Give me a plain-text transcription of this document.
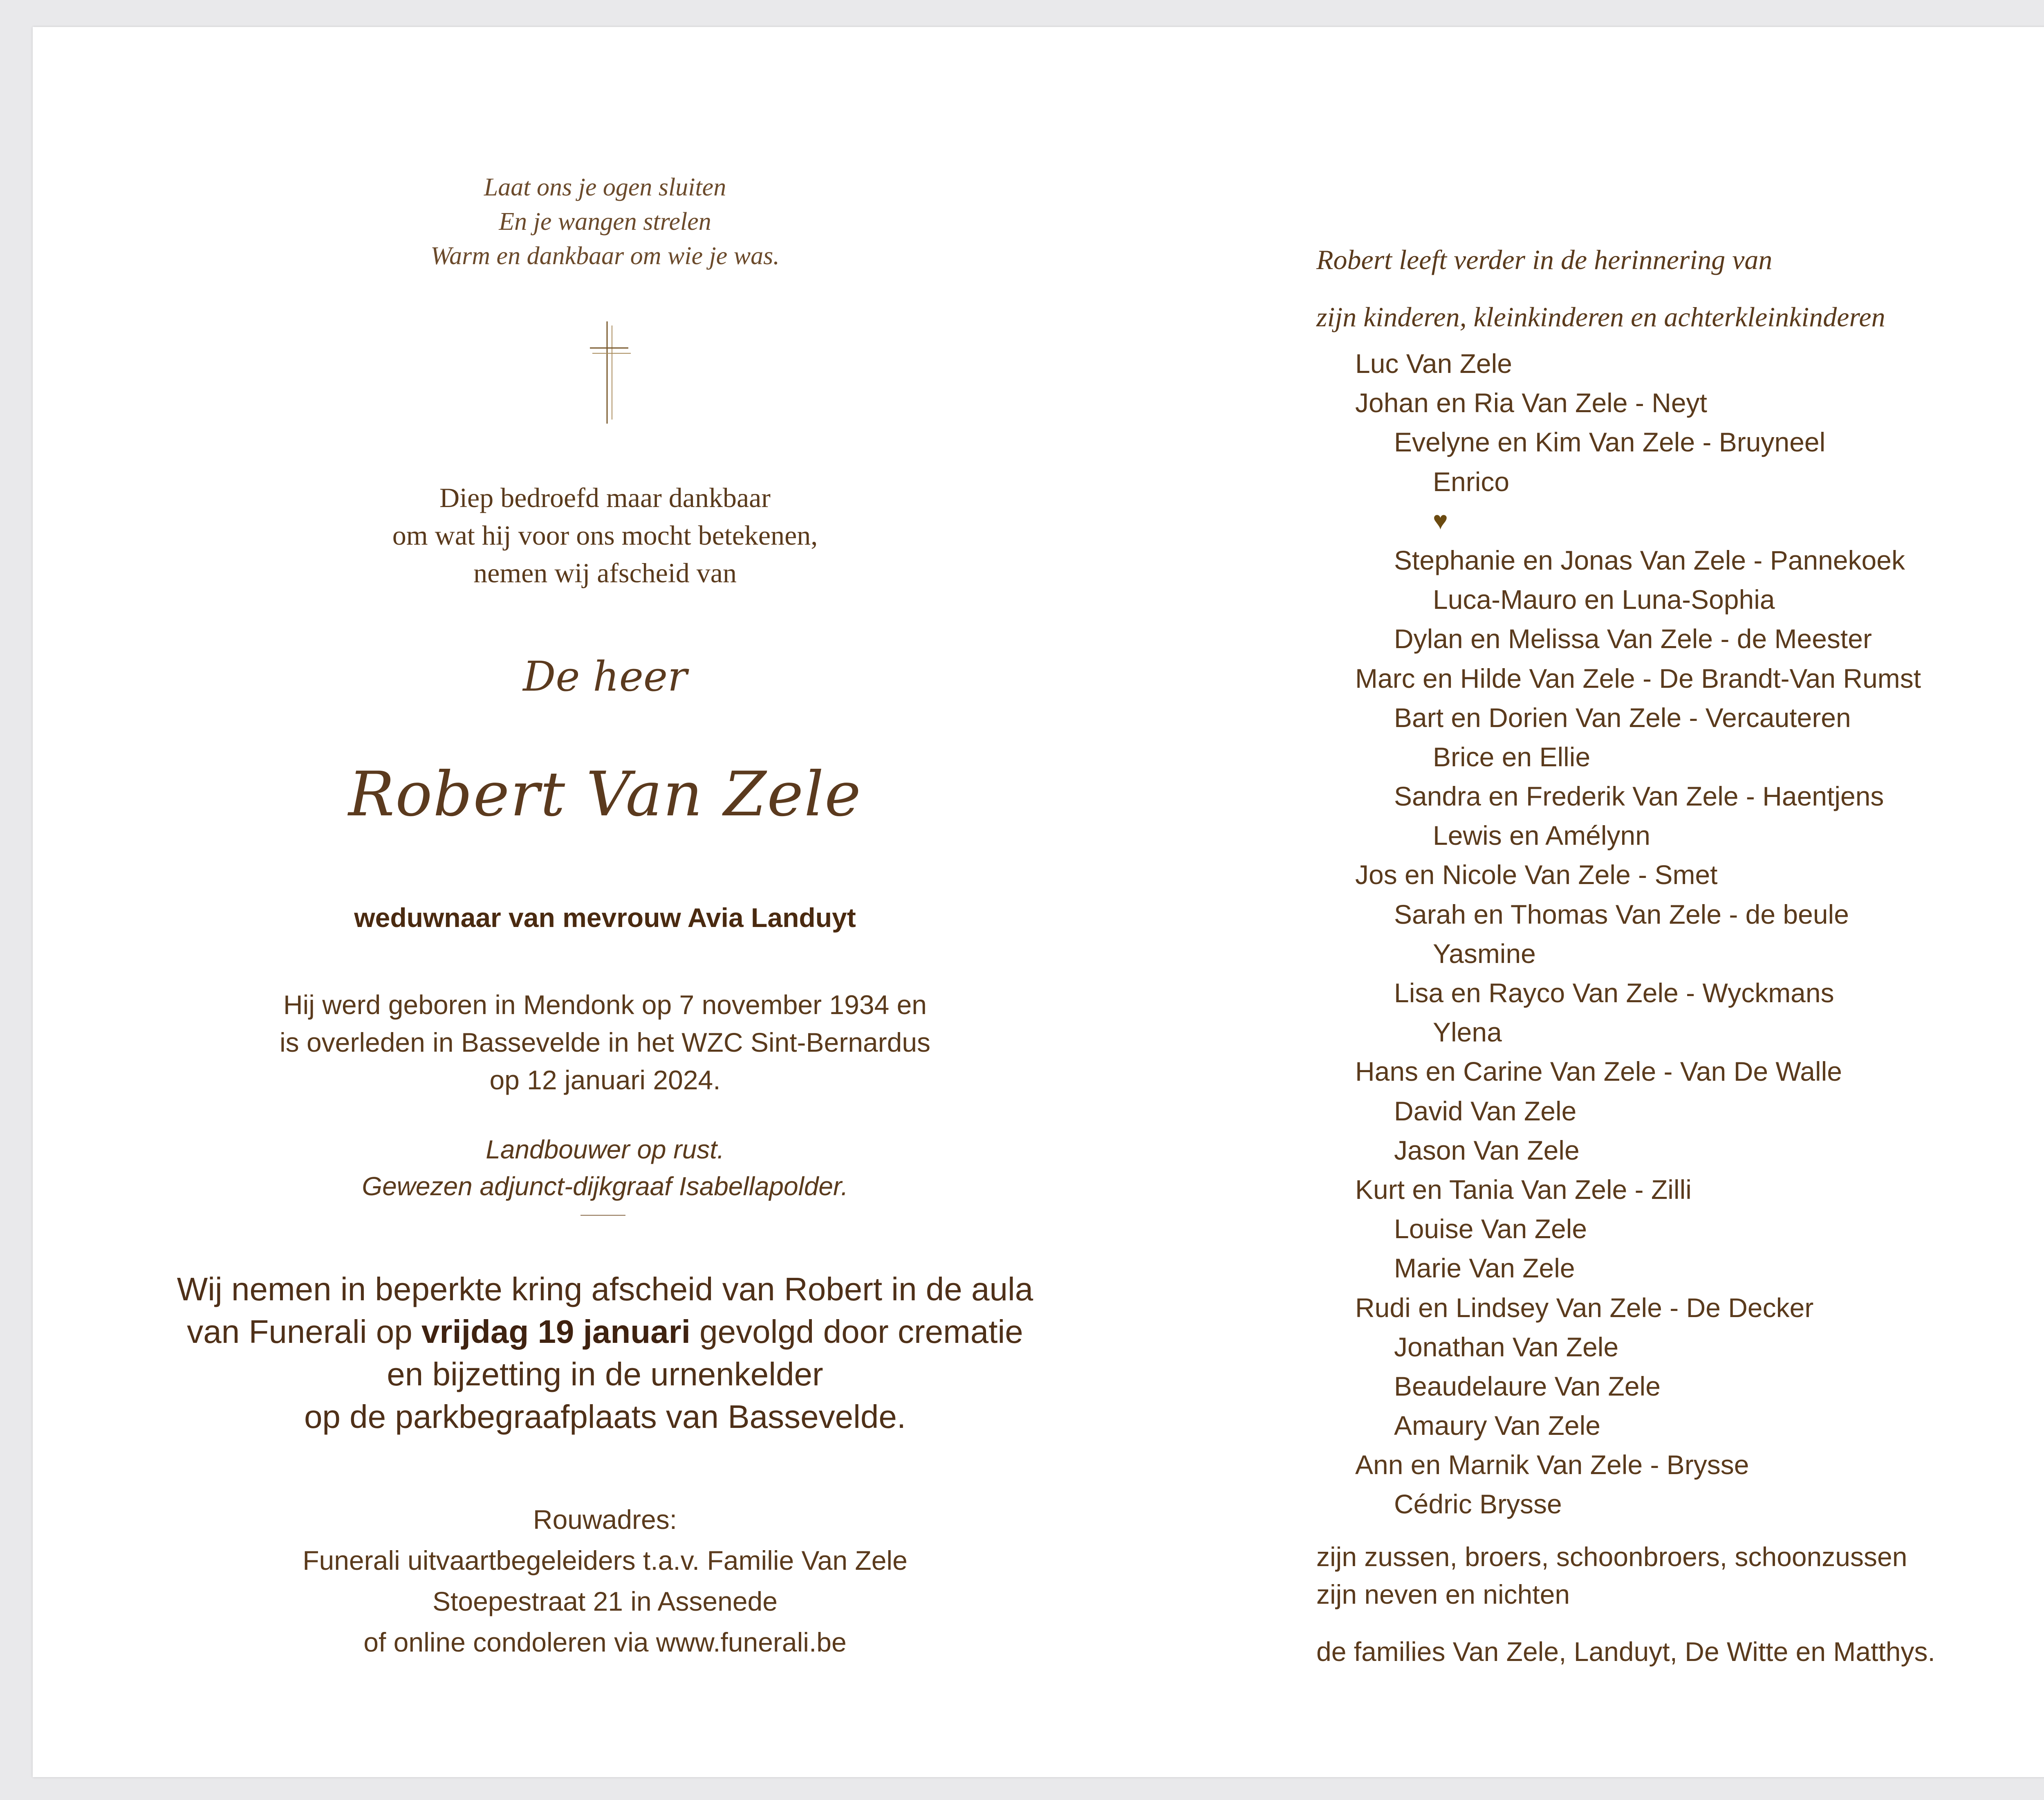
Laat ons je ogen sluiten
En je wangen strelen
Warm en dankbaar om wie je was.
Diep bedroefd maar dankbaar
om wat hij voor ons mocht betekenen,
nemen wij afscheid van
De heer
Robert Van Zele
weduwnaar van mevrouw Avia Landuyt
Hij werd geboren in Mendonk op 7 november 1934 en
is overleden in Bassevelde in het WZC Sint-Bernardus
op 12 januari 2024.
Landbouwer op rust.
Gewezen adjunct-dijkgraaf Isabellapolder.
Wij nemen in beperkte kring afscheid van Robert in de aula
van Funerali op vrijdag 19 januari gevolgd door crematie
en bijzetting in de urnenkelder
op de parkbegraafplaats van Bassevelde.
Rouwadres:
Funerali uitvaartbegeleiders t.a.v. Familie Van Zele
Stoepestraat 21 in Assenede
of online condoleren via www.funerali.be
Robert leeft verder in de herinnering van
zijn kinderen, kleinkinderen en achterkleinkinderen
Luc Van Zele
Johan en Ria Van Zele - Neyt
Evelyne en Kim Van Zele - Bruyneel
Enrico
♥
Stephanie en Jonas Van Zele - Pannekoek
Luca-Mauro en Luna-Sophia
Dylan en Melissa Van Zele - de Meester
Marc en Hilde Van Zele - De Brandt-Van Rumst
Bart en Dorien Van Zele - Vercauteren
Brice en Ellie
Sandra en Frederik Van Zele - Haentjens
Lewis en Amélynn
Jos en Nicole Van Zele - Smet
Sarah en Thomas Van Zele - de beule
Yasmine
Lisa en Rayco Van Zele - Wyckmans
Ylena
Hans en Carine Van Zele - Van De Walle
David Van Zele
Jason Van Zele
Kurt en Tania Van Zele - Zilli
Louise Van Zele
Marie Van Zele
Rudi en Lindsey Van Zele - De Decker
Jonathan Van Zele
Beaudelaure Van Zele
Amaury Van Zele
Ann en Marnik Van Zele - Brysse
Cédric Brysse
zijn zussen, broers, schoonbroers, schoonzussen
zijn neven en nichten
de families Van Zele, Landuyt, De Witte en Matthys.
